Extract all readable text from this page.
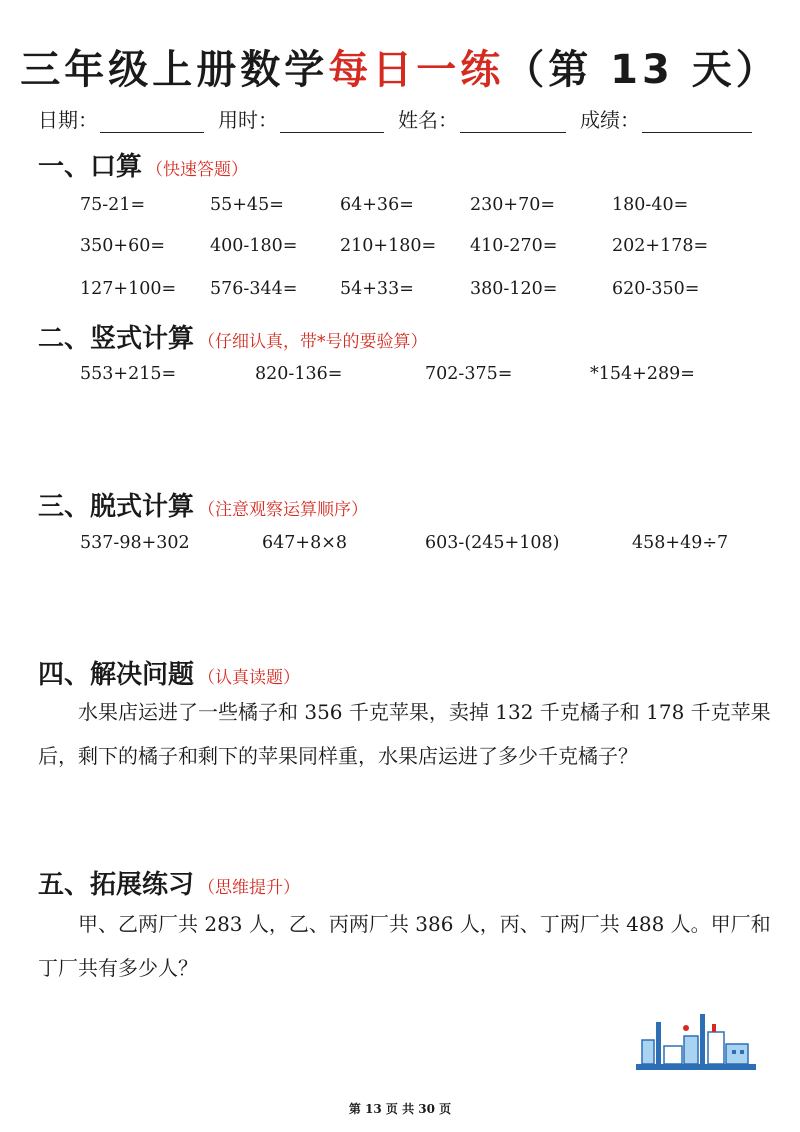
三年级上册数学每日一练（第 13 天）
日期：	用时：	姓名：	成绩：
一、口算 （快速答题）
75-21=	55+45=	64+36=	230+70=	180-40=
350+60=	400-180= 210+180= 410-270=	202+178=
127+100= 576-344= 54+33=	380-120=	620-350=
二、竖式计算 （仔细认真，带*号的要验算）
553+215=	820-136=	702-375=	*154+289=
三、脱式计算 （注意观察运算顺序）
537-98+302	647+8×8	603-(245+108)	458+49÷7
四、解决问题 （认真读题）
水果店运进了一些橘子和 356 千克苹果，卖掉 132 千克橘子和 178 千克苹果后，剩下的橘子和剩下的苹果同样重，水果店运进了多少千克橘子？
五、拓展练习 （思维提升）
甲、乙两厂共 283 人，乙、丙两厂共 386 人，丙、丁两厂共 488 人。甲厂和丁厂共有多少人？
第 13 页 共 30 页
